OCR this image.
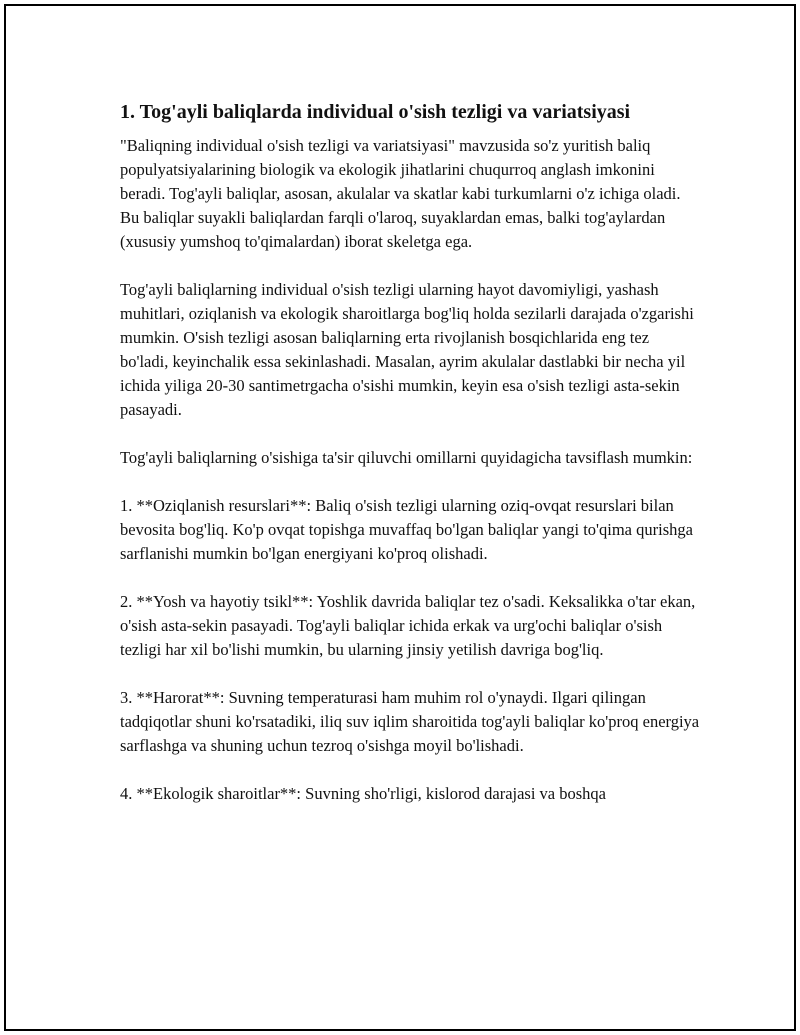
1. Tog'ayli baliqlarda individual o'sish tezligi va variatsiyasi

"Baliqning individual o'sish tezligi va variatsiyasi" mavzusida so'z yuritish baliq populyatsiyalarining biologik va ekologik jihatlarini chuqurroq anglash imkonini beradi. Tog'ayli baliqlar, asosan, akulalar va skatlar kabi turkumlarni o'z ichiga oladi. Bu baliqlar suyakli baliqlardan farqli o'laroq, suyaklardan emas, balki tog'aylardan (xususiy yumshoq to'qimalardan) iborat skeletga ega.

Tog'ayli baliqlarning individual o'sish tezligi ularning hayot davomiyligi, yashash muhitlari, oziqlanish va ekologik sharoitlarga bog'liq holda sezilarli darajada o'zgarishi mumkin. O'sish tezligi asosan baliqlarning erta rivojlanish bosqichlarida eng tez bo'ladi, keyinchalik essa sekinlashadi. Masalan, ayrim akulalar dastlabki bir necha yil ichida yiliga 20-30 santimetrgacha o'sishi mumkin, keyin esa o'sish tezligi asta-sekin pasayadi.

Tog'ayli baliqlarning o'sishiga ta'sir qiluvchi omillarni quyidagicha tavsiflash mumkin:

1. **Oziqlanish resurslari**: Baliq o'sish tezligi ularning oziq-ovqat resurslari bilan bevosita bog'liq. Ko'p ovqat topishga muvaffaq bo'lgan baliqlar yangi to'qima qurishga sarflanishi mumkin bo'lgan energiyani ko'proq olishadi.

2. **Yosh va hayotiy tsikl**: Yoshlik davrida baliqlar tez o'sadi. Keksalikka o'tar ekan, o'sish asta-sekin pasayadi. Tog'ayli baliqlar ichida erkak va urg'ochi baliqlar o'sish tezligi har xil bo'lishi mumkin, bu ularning jinsiy yetilish davriga bog'liq.

3. **Harorat**: Suvning temperaturasi ham muhim rol o'ynaydi. Ilgari qilingan tadqiqotlar shuni ko'rsatadiki, iliq suv iqlim sharoitida tog'ayli baliqlar ko'proq energiya sarflashga va shuning uchun tezroq o'sishga moyil bo'lishadi.

4. **Ekologik sharoitlar**: Suvning sho'rligi, kislorod darajasi va boshqa
